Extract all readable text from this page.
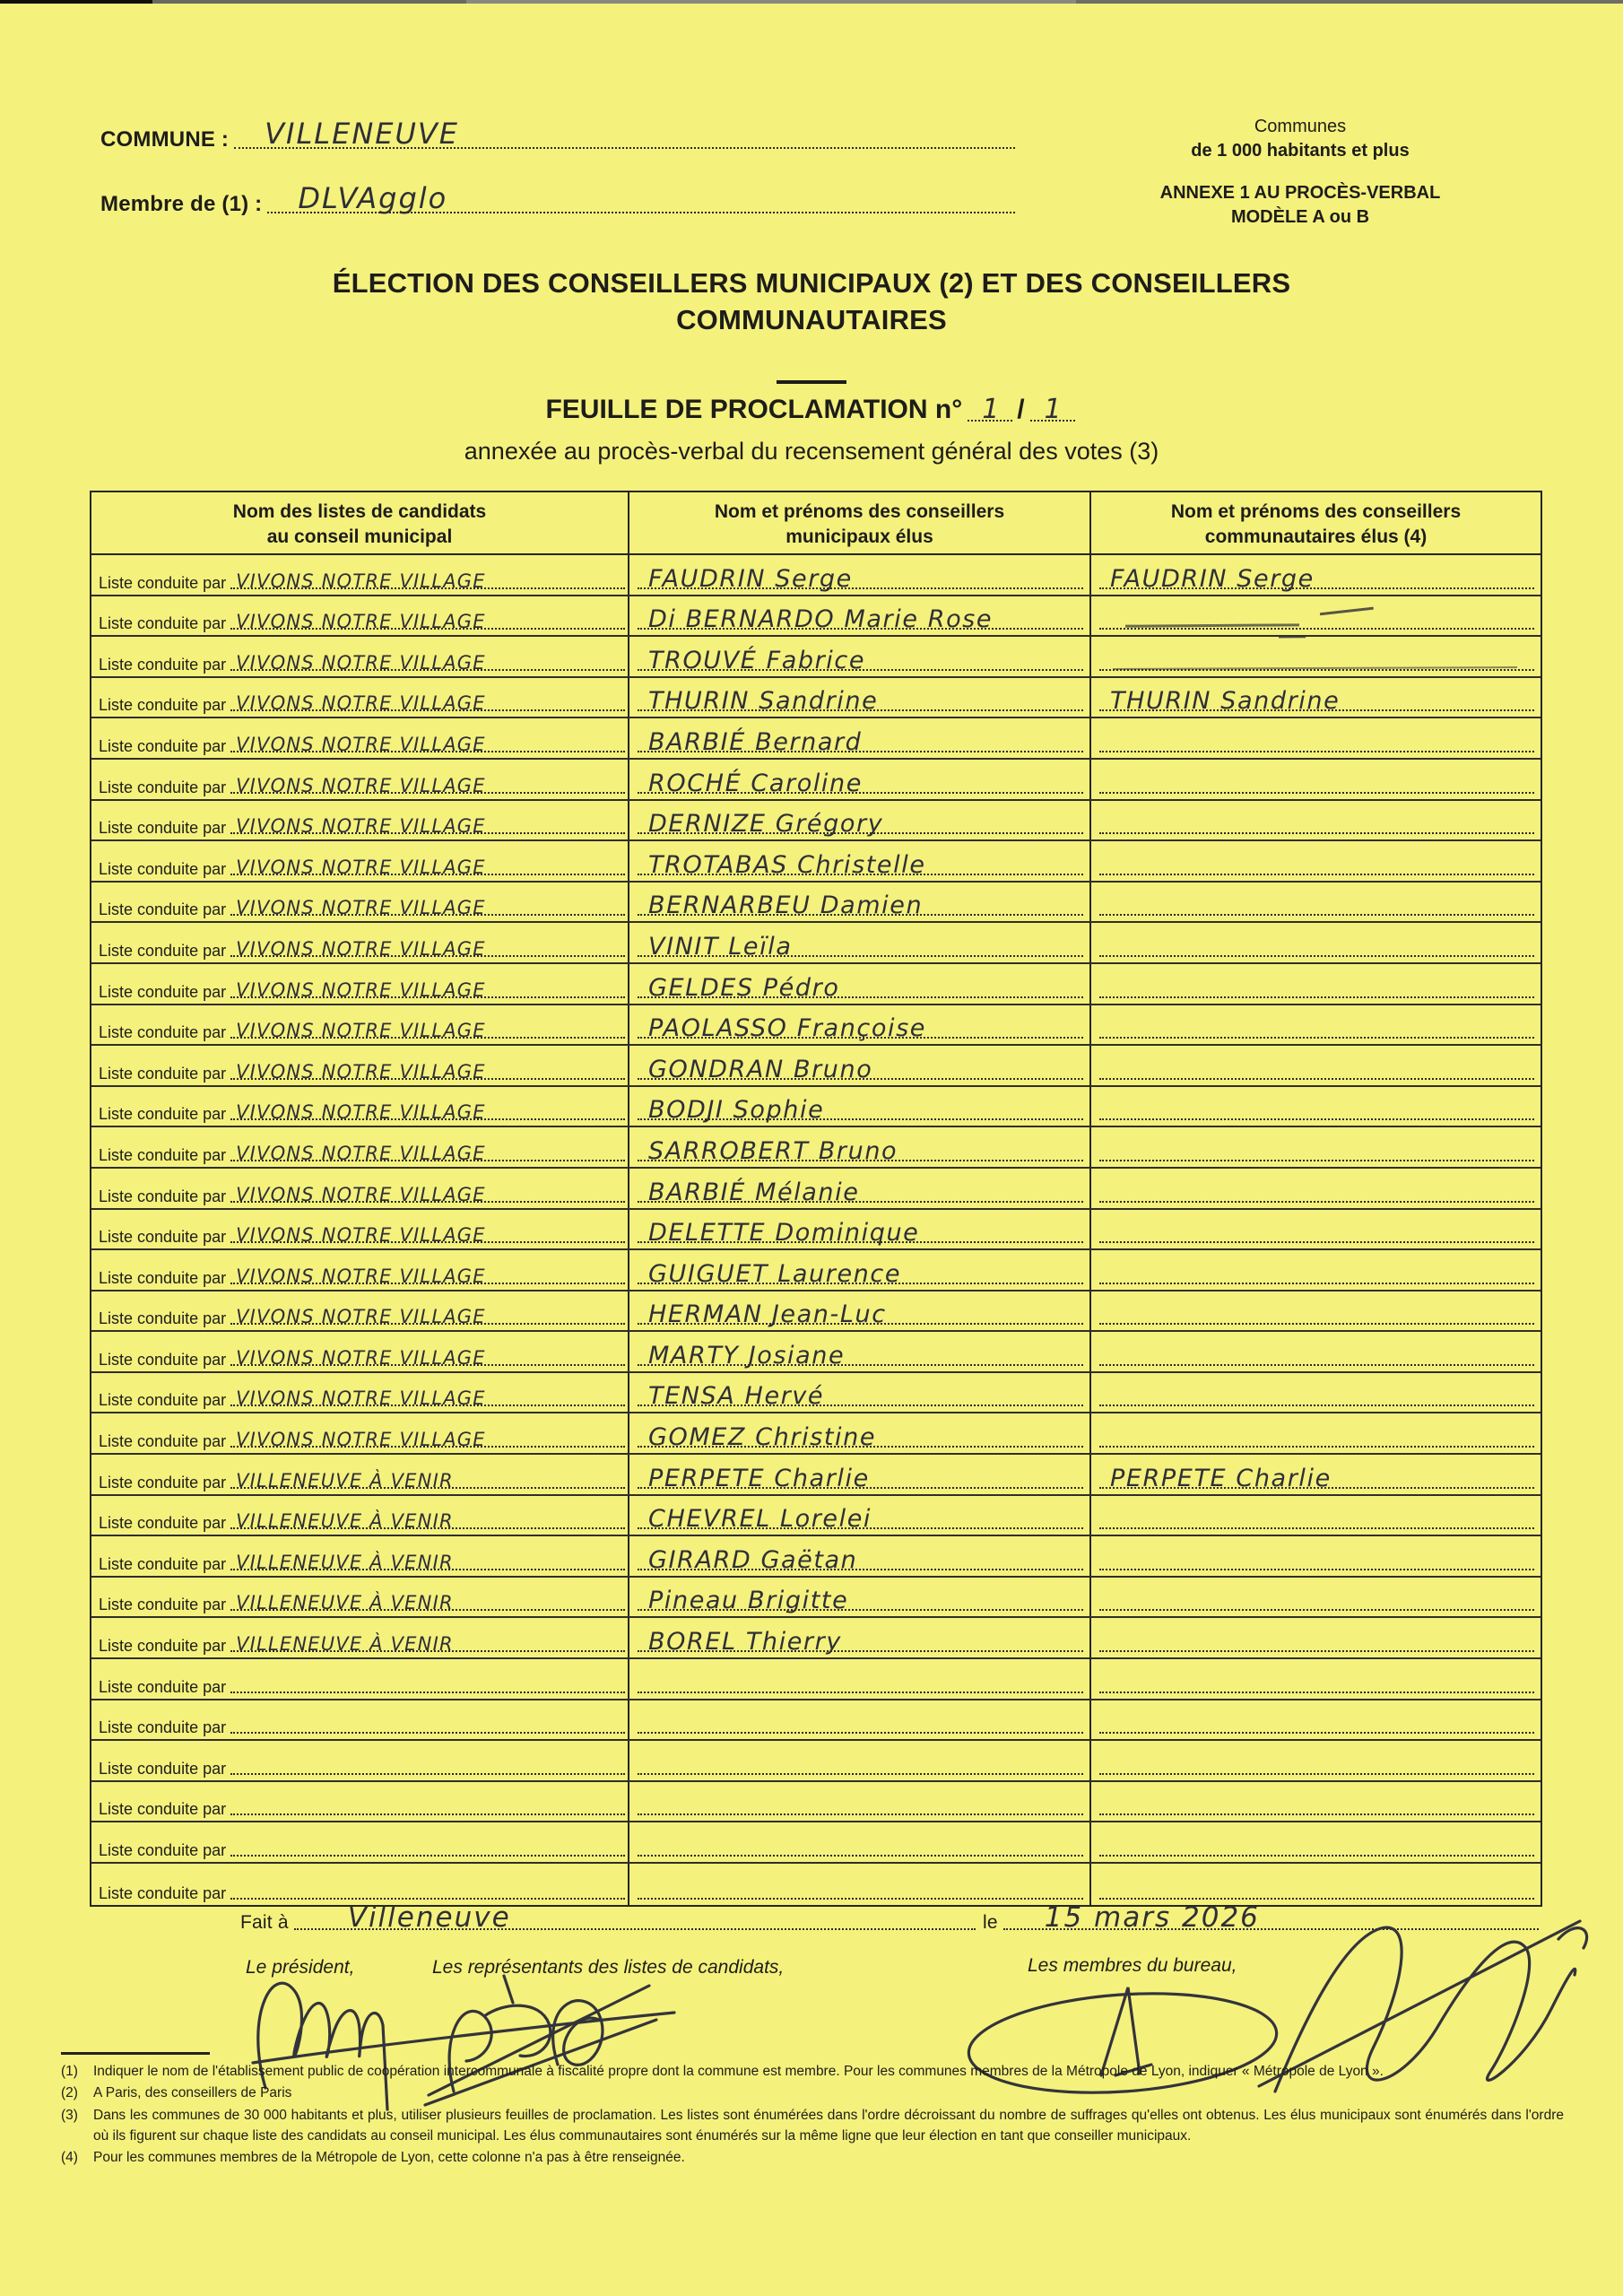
COMMUNE : VILLENEUVE
Membre de (1) : DLVAgglo
Communes
de 1 000 habitants et plus
ANNEXE 1 AU PROCÈS-VERBAL
MODÈLE A ou B
ÉLECTION DES CONSEILLERS MUNICIPAUX (2) ET DES CONSEILLERS
COMMUNAUTAIRES
FEUILLE DE PROCLAMATION n° 1 / 1
annexée au procès-verbal du recensement général des votes (3)
Nom des listes de candidats
au conseil municipal
Nom et prénoms des conseillers
municipaux élus
Nom et prénoms des conseillers
communautaires élus (4)
Liste conduite par VIVONS NOTRE VILLAGE	FAUDRIN Serge	FAUDRIN Serge
Liste conduite par VIVONS NOTRE VILLAGE	Di BERNARDO Marie Rose
Liste conduite par VIVONS NOTRE VILLAGE	TROUVÉ Fabrice
Liste conduite par VIVONS NOTRE VILLAGE	THURIN Sandrine	THURIN Sandrine
Liste conduite par VIVONS NOTRE VILLAGE	BARBIÉ Bernard
Liste conduite par VIVONS NOTRE VILLAGE	ROCHÉ Caroline
Liste conduite par VIVONS NOTRE VILLAGE	DERNIZE Grégory
Liste conduite par VIVONS NOTRE VILLAGE	TROTABAS Christelle
Liste conduite par VIVONS NOTRE VILLAGE	BERNARBEU Damien
Liste conduite par VIVONS NOTRE VILLAGE	VINIT Leïla
Liste conduite par VIVONS NOTRE VILLAGE	GELDES Pédro
Liste conduite par VIVONS NOTRE VILLAGE	PAOLASSO Françoise
Liste conduite par VIVONS NOTRE VILLAGE	GONDRAN Bruno
Liste conduite par VIVONS NOTRE VILLAGE	BODJI Sophie
Liste conduite par VIVONS NOTRE VILLAGE	SARROBERT Bruno
Liste conduite par VIVONS NOTRE VILLAGE	BARBIÉ Mélanie
Liste conduite par VIVONS NOTRE VILLAGE	DELETTE Dominique
Liste conduite par VIVONS NOTRE VILLAGE	GUIGUET Laurence
Liste conduite par VIVONS NOTRE VILLAGE	HERMAN Jean-Luc
Liste conduite par VIVONS NOTRE VILLAGE	MARTY Josiane
Liste conduite par VIVONS NOTRE VILLAGE	TENSA Hervé
Liste conduite par VIVONS NOTRE VILLAGE	GOMEZ Christine
Liste conduite par VILLENEUVE À VENIR	PERPETE Charlie	PERPETE Charlie
Liste conduite par VILLENEUVE À VENIR	CHEVREL Lorelei
Liste conduite par VILLENEUVE À VENIR	GIRARD Gaëtan
Liste conduite par VILLENEUVE À VENIR	Pineau Brigitte
Liste conduite par VILLENEUVE À VENIR	BOREL Thierry
Liste conduite par
Liste conduite par
Liste conduite par
Liste conduite par
Liste conduite par
Liste conduite par
Fait à Villeneuve	le 15 mars 2026
Le président,	Les représentants des listes de candidats,	Les membres du bureau,
(1)	Indiquer le nom de l'établissement public de coopération intercommunale à fiscalité propre dont la commune est membre. Pour les communes membres de la Métropole de Lyon, indiquer « Métropole de Lyon ».
(2)	A Paris, des conseillers de Paris
(3)	Dans les communes de 30 000 habitants et plus, utiliser plusieurs feuilles de proclamation. Les listes sont énumérées dans l'ordre décroissant du nombre de suffrages qu'elles ont obtenus. Les élus municipaux sont énumérés dans l'ordre où ils figurent sur chaque liste des candidats au conseil municipal. Les élus communautaires sont énumérés sur la même ligne que leur élection en tant que conseiller municipaux.
(4)	Pour les communes membres de la Métropole de Lyon, cette colonne n'a pas à être renseignée.
